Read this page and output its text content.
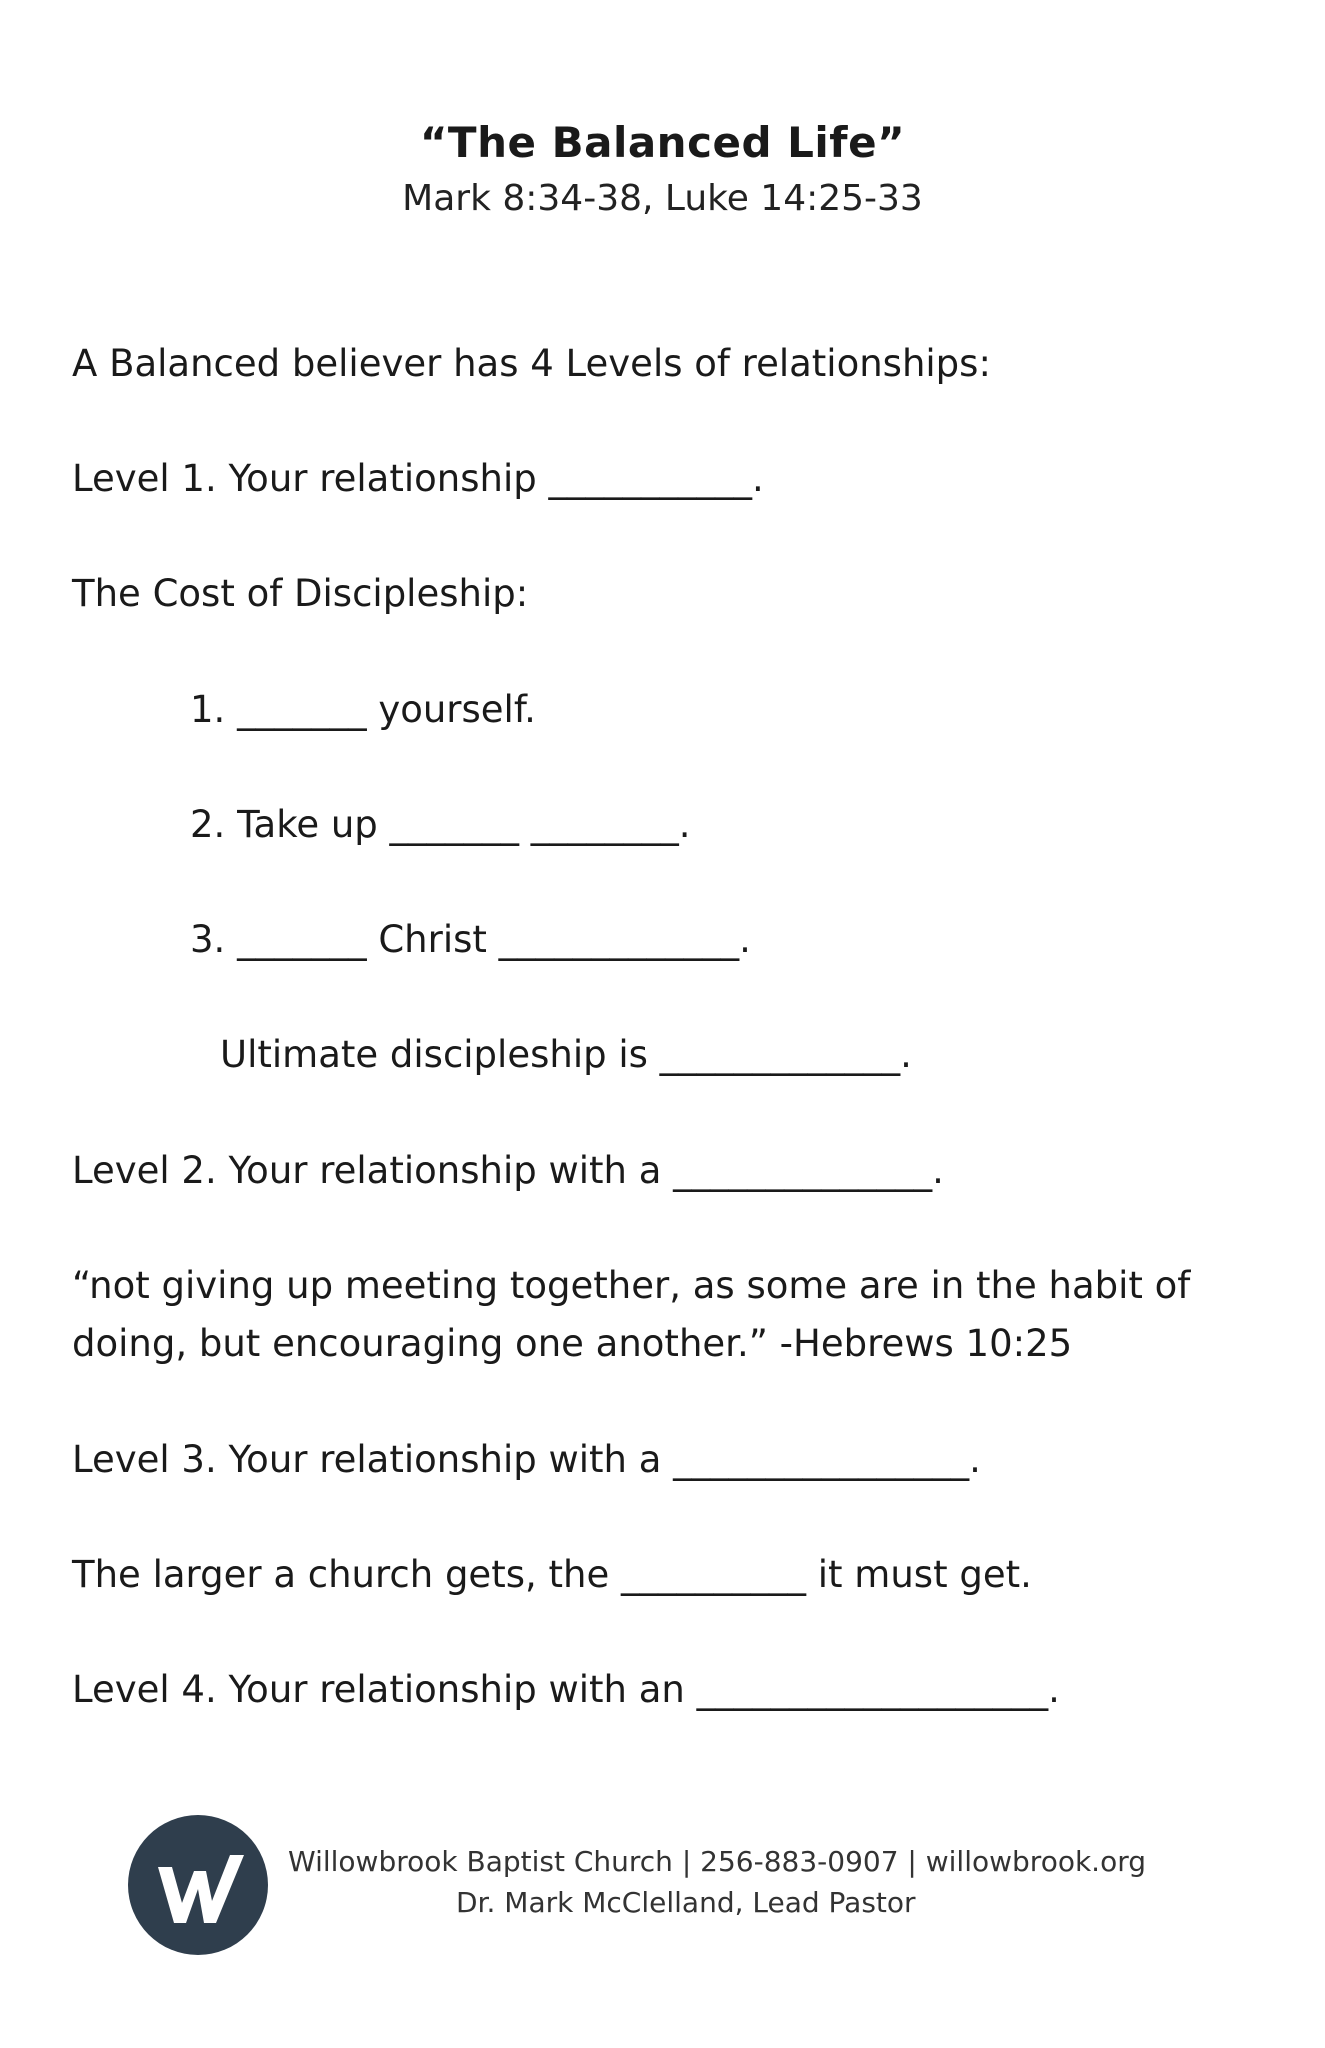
“The Balanced Life”
Mark 8:34-38, Luke 14:25-33
A Balanced believer has 4 Levels of relationships:
Level 1. Your relationship ___________.
The Cost of Discipleship:
1. _______ yourself.
2. Take up _______ ________.
3. _______ Christ _____________.
Ultimate discipleship is _____________.
Level 2. Your relationship with a ______________.
“not giving up meeting together, as some are in the habit of
doing, but encouraging one another.” -Hebrews 10:25
Level 3. Your relationship with a ________________.
The larger a church gets, the __________ it must get.
Level 4. Your relationship with an ___________________.
Willowbrook Baptist Church | 256-883-0907 | willowbrook.org
Dr. Mark McClelland, Lead Pastor
